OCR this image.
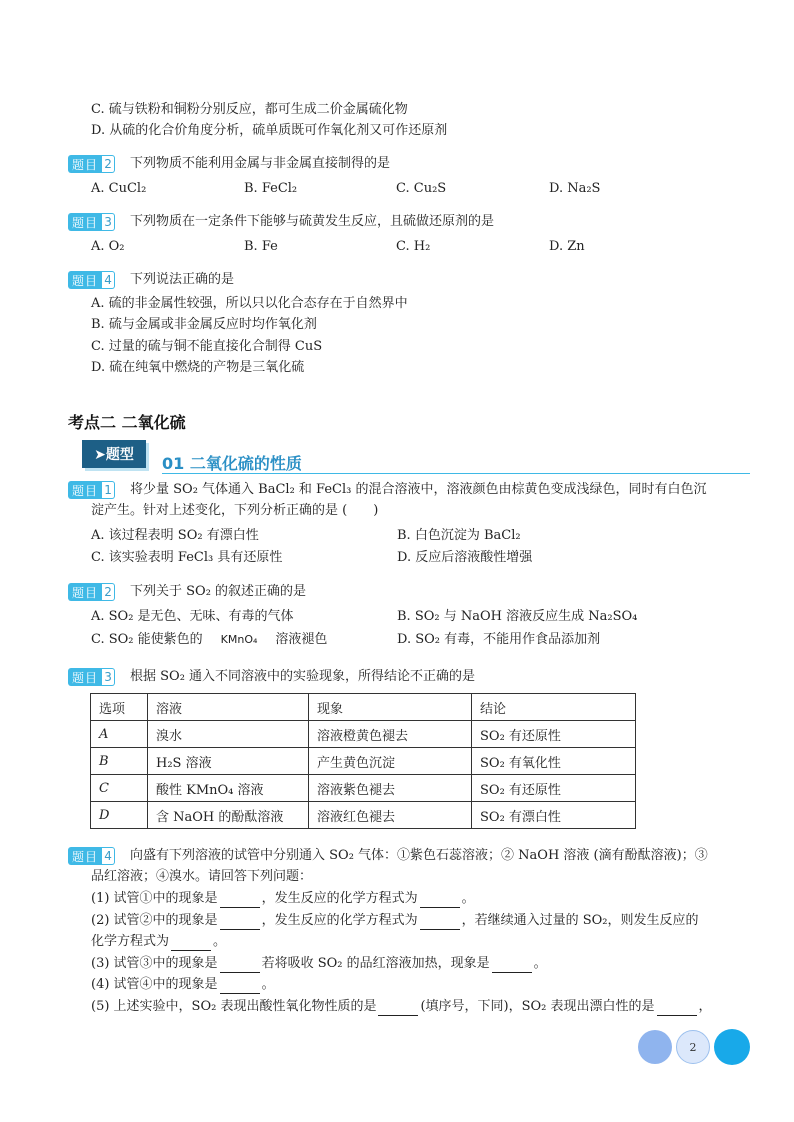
C. 硫与铁粉和铜粉分别反应，都可生成二价金属硫化物
D. 从硫的化合价角度分析，硫单质既可作氧化剂又可作还原剂
题目 2 下列物质不能利用金属与非金属直接制得的是
A. CuCl₂	B. FeCl₂	C. Cu₂S	D. Na₂S
题目 3 下列物质在一定条件下能够与硫黄发生反应，且硫做还原剂的是
A. O₂	B. Fe	C. H₂	D. Zn
题目 4 下列说法正确的是
A. 硫的非金属性较强，所以只以化合态存在于自然界中
B. 硫与金属或非金属反应时均作氧化剂
C. 过量的硫与铜不能直接化合制得 CuS
D. 硫在纯氧中燃烧的产物是三氧化硫
考点二 二氧化硫
➤题型	01 二氧化硫的性质
题目 1 将少量 SO₂ 气体通入 BaCl₂ 和 FeCl₃ 的混合溶液中，溶液颜色由棕黄色变成浅绿色，同时有白色沉
淀产生。针对上述变化，下列分析正确的是 (　　)
A. 该过程表明 SO₂ 有漂白性	B. 白色沉淀为 BaCl₂
C. 该实验表明 FeCl₃ 具有还原性	D. 反应后溶液酸性增强
题目 2 下列关于 SO₂ 的叙述正确的是
A. SO₂ 是无色、无味、有毒的气体	B. SO₂ 与 NaOH 溶液反应生成 Na₂SO₄
C. SO₂ 能使紫色的 KMnO₄ 溶液褪色	D. SO₂ 有毒，不能用作食品添加剂
题目 3 根据 SO₂ 通入不同溶液中的实验现象，所得结论不正确的是
选项	溶液	现象	结论
A	溴水	溶液橙黄色褪去	SO₂ 有还原性
B	H₂S 溶液	产生黄色沉淀	SO₂ 有氧化性
C	酸性 KMnO₄ 溶液	溶液紫色褪去	SO₂ 有还原性
D	含 NaOH 的酚酞溶液	溶液红色褪去	SO₂ 有漂白性
题目 4 向盛有下列溶液的试管中分别通入 SO₂ 气体：①紫色石蕊溶液；② NaOH 溶液 (滴有酚酞溶液)；③
品红溶液；④溴水。请回答下列问题：
(1) 试管①中的现象是	，发生反应的化学方程式为	。
(2) 试管②中的现象是	，发生反应的化学方程式为	，若继续通入过量的 SO₂，则发生反应的
化学方程式为	。
(3) 试管③中的现象是	若将吸收 SO₂ 的品红溶液加热，现象是	。
(4) 试管④中的现象是	。
(5) 上述实验中，SO₂ 表现出酸性氧化物性质的是	(填序号，下同)，SO₂ 表现出漂白性的是	，
2
